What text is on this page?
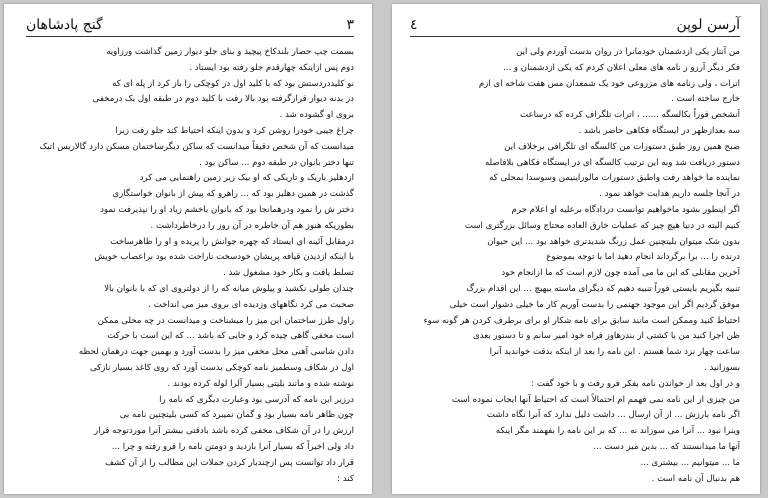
گنج پادشاهان	٣
بسمت چپ حصار بلندکاخ پیچید و بنای جلو دیوار زمین گذاشت ورزاویه
دوم پس ازاینکه چهارقدم جلو رفته بود ایستاد .
نو کلیددردستش بود که با کلید اول در کوچکی را باز کرد از پله ای که
در بدنه دیوار قرارگرفته بود بالا رفت با کلید دوم در طبقه اول یک درمخفی
بروی او گشوده شد .
چراغ جیبی خودرا روشن کرد و بدون اینکه احتیاط کند جلو رفت زیرا
میدانست که آن شخص دقیقاً میدانست که ساکن دیگرساختمان مسکن دارد گالاریس اتیک
تنها دختر بانوان در طبقه دوم ... ساکن بود .
ازدهلیز باریک و تاریکی که او بیک زیر زمین راهنمایی می کرد
گذشت در همین دهلیز بود که ... راهرو که پیش از بانوان خواستگاری
دختر ش را نمود ودرهمانجا بود که بانوان باخشم زیاد او را نپذیرفت نمود
بطوریکه هنوز هم آن خاطره در آن روز را درخاطرداشت .
درمقابل آئینه ای ایستاد که چهره جوانش را پریده و او را ظاهرساخت
با اینکه ازدیدن قیافه پریشان خودسخت ناراحت شده بود براعصاب خویش
تسلط یافت و بکار خود مشغول شد .
چندان طولی نکشید و پیلوش میانه که را از دولتروی ای که با بانوان بالا
صحبت می کرد نگاههای وزدیده ای بروی میز می انداخت .
راول طرز ساختمان این میز را میشناخت و میدانست در چه محلی ممکن
است مخفی گاهی چیده کرد و جایی که باشد ... که این است با حرکت
دادن شاسی آهنی محل مخفی میز را بدست آورد و بهمین جهت درهمان لحظه
اول در شکاف وسطمیز نامه کوچکی بدست آورد که روی کاغذ بسیار نازکی
نوشته شده و مانند بلیتی بسیار آلرا لوله کرده بودند .
درزیر این نامه که آدرسی بود وعبارت دیگری که نامه را
چون ظاهر نامه بسیار بود و گمان نمیبرد که کسی بلیتچنین نامه بی
ارزش را در آن شکاف مخفی کرده باشد بادقتی بیشتر آنرا موردتوجه قرار
داد ولی اخیراً که بسیار آنرا بازدید و دومتن نامه را فرو رفته و چرا ...
قرار داد توانست پس ازچندبار کردن جملات این مطالب را از آن کشف
کند :
٤	آرسن لوپن
من آنتار یکی ازدشمنان خودمانرا در روان بدست آوردم ولی این
فکر دیگر آرزو ز نامه های معلی اعلان کردم که یکی ازدشمنان و ...
اترات ، ولی زنامه های مزروعی خود یک شمعدان مس هفت شاخه ای ازم
خارج ساخته است .
آنشخص فوراً بکالسگه ...... ، اترات تلگراف کرده که درساعت
سه بعدازظهر در ایستگاه فکاهی حاضر باشد .
صبح همین روز طبق دستورات من کالسگه ای تلگرافی برخلاف این
دستور دریافت شد وبه این ترتیب کالسگه ای در ایستگاه فکاهی بلافاصله
نماینده ما خواهد رفت واطبق دستورات مالوراینیمن وسوسدا بمحلی که
در آنجا جلسه داریم هدایت خواهد نمود .
اگر اینطور بشود ماخواهیم توانست دردادگاه برعلیه او اعلام جرم
کنیم البته در دنیا هیچ چیز که عملیات خارق العاده محتاج وسائل بزرگتری است
بدون شک میتوان بلیتچنین عمل زرنگ شدیدتری خواهد بود ... این حیوان
درنده را ... برا برگرداند انجام دهید اما با توجه بموضوع
آخرین مقابلی که این ما می آمده چون لازم است که ما ازانجام خود
تنبیه بگیریم بایستی فوراً تنبیه دهیم که دیگرای ماسته بیهیچ ... این اقدام بزرگ
موفق گردیم اگر این موجود جهنمی را بدست آوریم کار ما خیلی دشوار است خیلی
احتیاط کنید وممکن است مانند سابق برای نامه شکار او برای برطرف کردن هر گونه سوء
ظن اجرا کنید من با کشتی از بندرهاوز فراه خود امیر سانم و تا دستور بعدی
ساعت چهار نزد شما هستم . این نامه را بعد از اینکه بدقت خواندید آنرا
بسوزانید .
و در اول بعد از خواندن نامه بفکر فرو رفت و با خود گفت :
من چیزی از این نامه نمی فهمم ام احتمالاً است که احتیاط آنها ایجاب نموده است
اگر نامه بارزش ... از آن ارسال ... داشت دلیل ندارد که آنرا نگاه داشت
وینرا نبود ... آنرا می سوزاند نه ... که بر این نامه را بفهمند مگر اینکه
آنها ما میدانستند که ... بدین میز دست ...
ما ... میتوانیم ... بیشتری ...
هم بدنبال آن نامه است .
